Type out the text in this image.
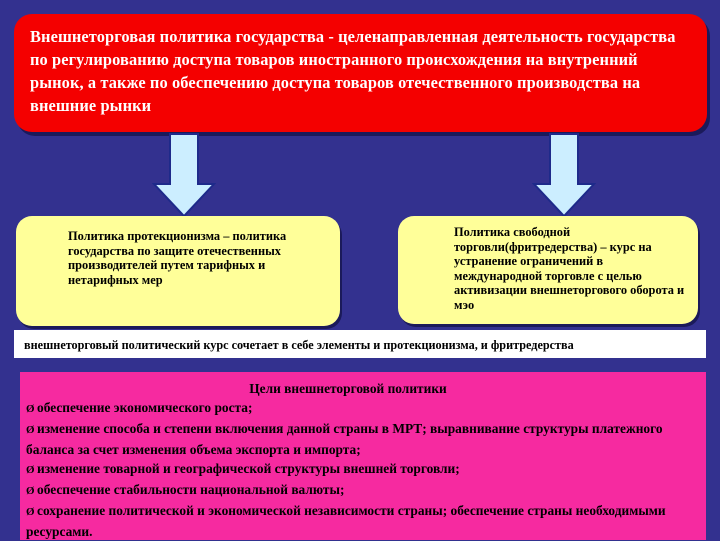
Внешнеторговая политика государства - целенаправленная деятельность государства по регулированию доступа товаров иностранного происхождения на внутренний рынок, а также по обеспечению доступа товаров отечественного производства на внешние рынки
Политика протекционизма – политика государства по защите отечественных производителей путем тарифных и нетарифных мер
Политика свободной торговли(фритредерства) – курс на устранение ограничений в международной торговле с целью активизации внешнеторгового оборота и мэо
внешнеторговый политический курс сочетает в себе элементы и протекционизма, и фритредерства
Цели внешнеторговой политики
Ø обеспечение экономического роста;
Ø изменение способа и степени включения данной страны в МРТ; выравнивание структуры платежного баланса за счет изменения объема экспорта и импорта;
Ø изменение товарной и географической структуры внешней торговли;
Ø обеспечение стабильности национальной валюты;
Ø сохранение политической и экономической независимости страны; обеспечение страны необходимыми ресурсами.
